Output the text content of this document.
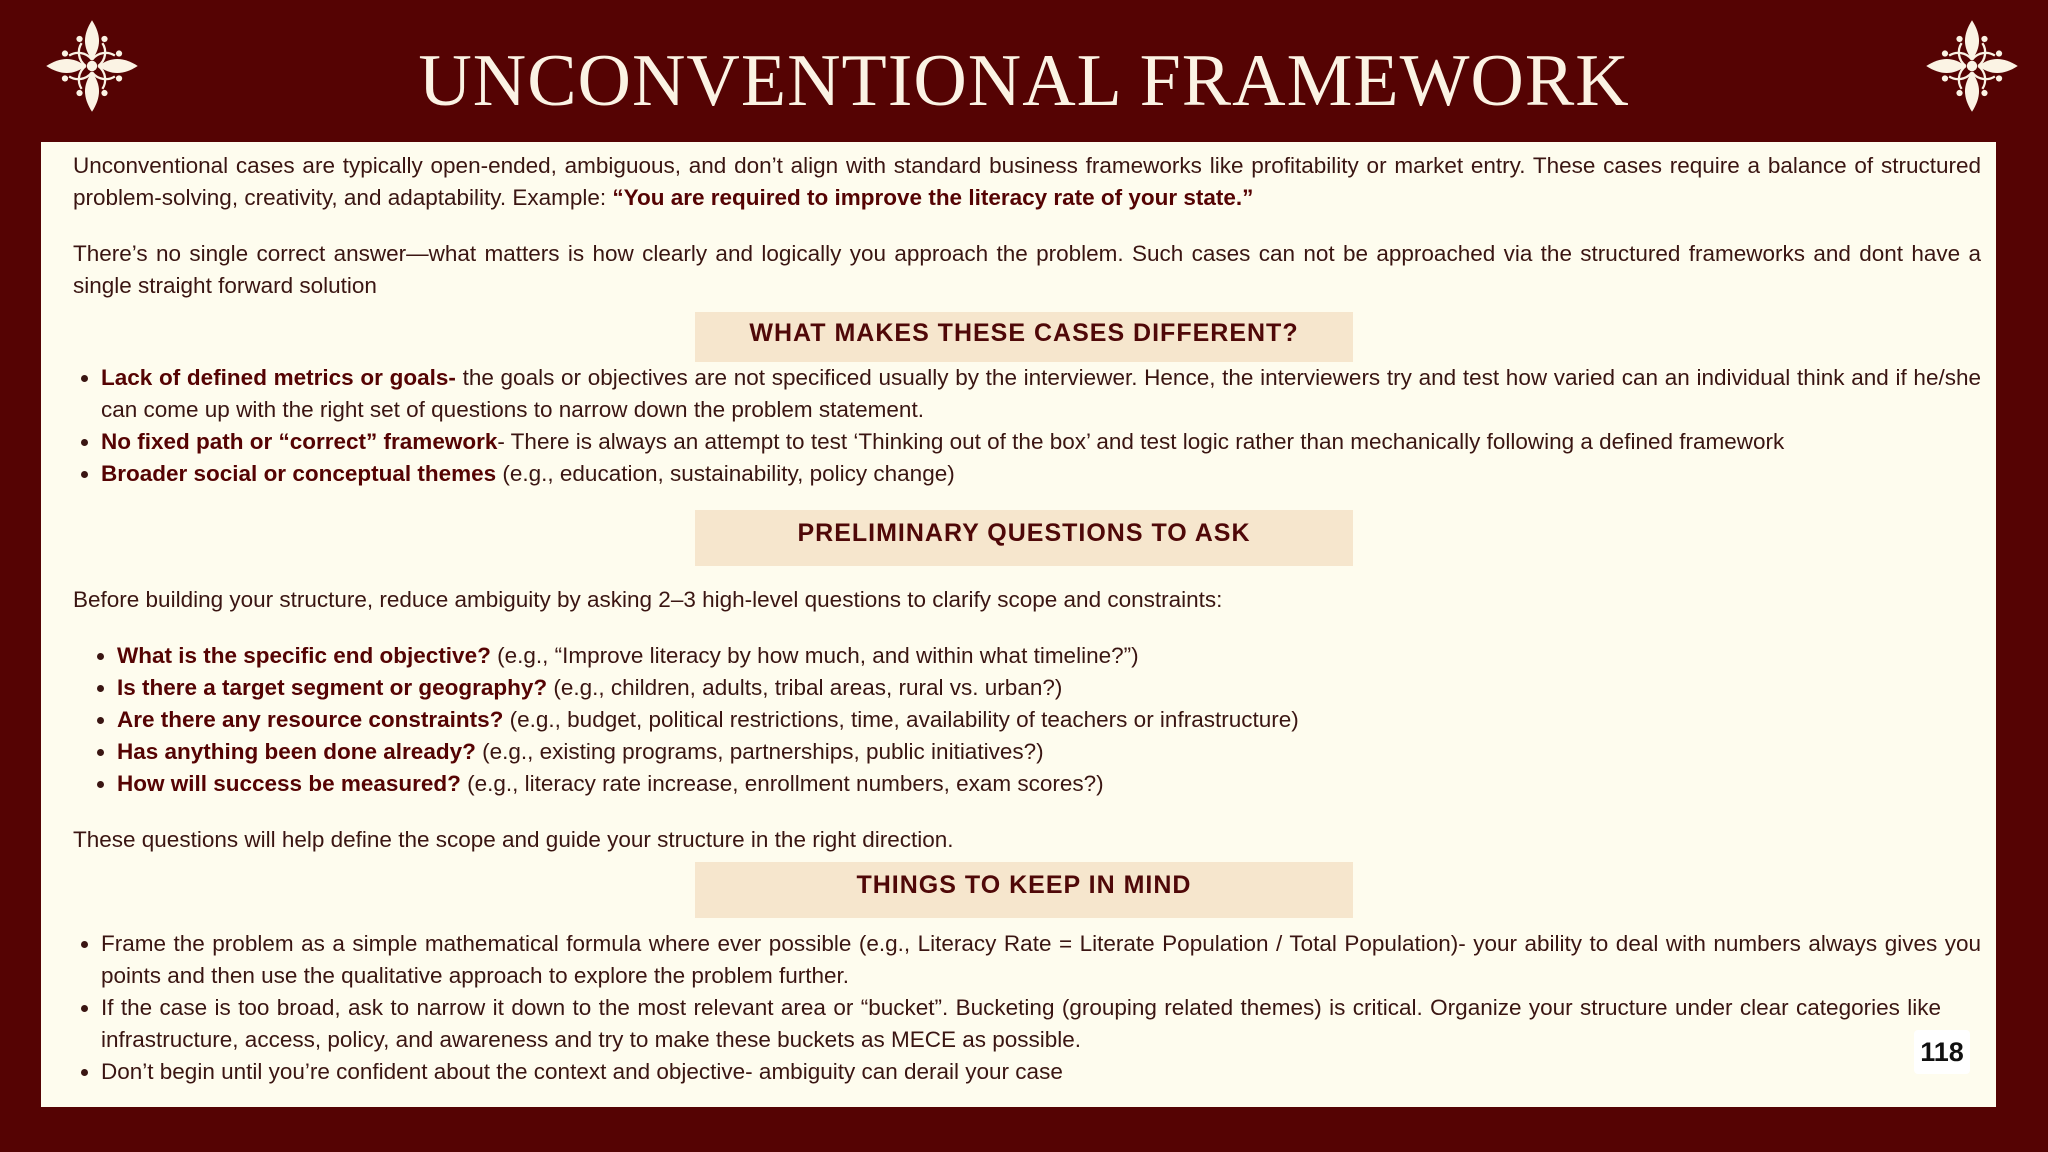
UNCONVENTIONAL FRAMEWORK

Unconventional cases are typically open-ended, ambiguous, and don’t align with standard business frameworks like profitability or market entry. These cases require a balance of structured problem-solving, creativity, and adaptability. Example: “You are required to improve the literacy rate of your state.”

There’s no single correct answer—what matters is how clearly and logically you approach the problem. Such cases can not be approached via the structured frameworks and dont have a single straight forward solution

WHAT MAKES THESE CASES DIFFERENT?
• Lack of defined metrics or goals- the goals or objectives are not specificed usually by the interviewer. Hence, the interviewers try and test how varied can an individual think and if he/she can come up with the right set of questions to narrow down the problem statement.
• No fixed path or “correct” framework- There is always an attempt to test ‘Thinking out of the box’ and test logic rather than mechanically following a defined framework
• Broader social or conceptual themes (e.g., education, sustainability, policy change)
PRELIMINARY QUESTIONS TO ASK

Before building your structure, reduce ambiguity by asking 2–3 high-level questions to clarify scope and constraints:

• What is the specific end objective? (e.g., “Improve literacy by how much, and within what timeline?”)
• Is there a target segment or geography? (e.g., children, adults, tribal areas, rural vs. urban?)
• Are there any resource constraints? (e.g., budget, political restrictions, time, availability of teachers or infrastructure)
• Has anything been done already? (e.g., existing programs, partnerships, public initiatives?)
• How will success be measured? (e.g., literacy rate increase, enrollment numbers, exam scores?)

These questions will help define the scope and guide your structure in the right direction.

THINGS TO KEEP IN MIND
• Frame the problem as a simple mathematical formula where ever possible (e.g., Literacy Rate = Literate Population / Total Population)- your ability to deal with numbers always gives you points and then use the qualitative approach to explore the problem further.
• If the case is too broad, ask to narrow it down to the most relevant area or “bucket”. Bucketing (grouping related themes) is critical. Organize your structure under clear categories like infrastructure, access, policy, and awareness and try to make these buckets as MECE as possible.
• Don’t begin until you’re confident about the context and objective- ambiguity can derail your case
118
